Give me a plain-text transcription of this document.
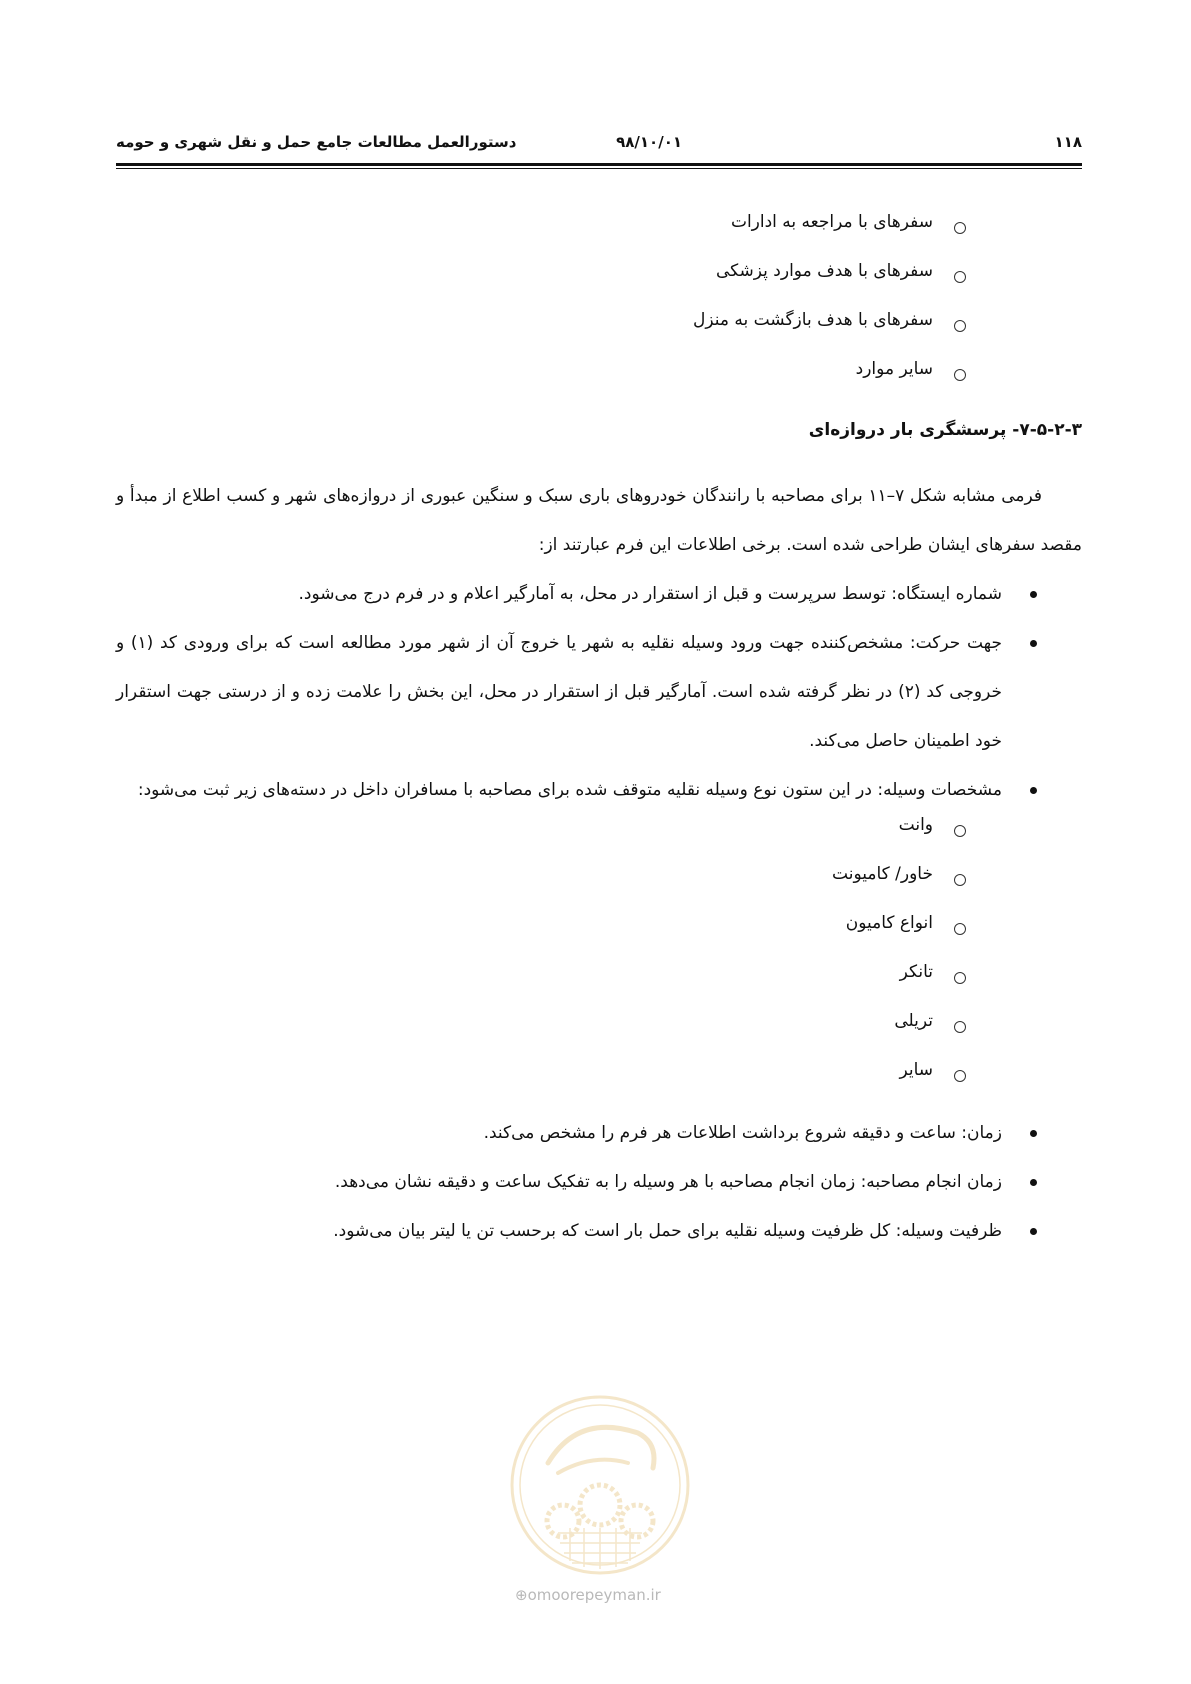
۱۱۸
۹۸/۱۰/۰۱
دستورالعمل مطالعات جامع حمل و نقل شهری و حومه
سفرهای با مراجعه به ادارات
سفرهای با هدف موارد پزشکی
سفرهای با هدف بازگشت به منزل
سایر موارد
۷-۵-۲-۳- پرسشگری بار دروازه‌ای
فرمی مشابه شکل ۷–۱۱ برای مصاحبه با رانندگان خودروهای باری سبک و سنگین عبوری از دروازه‌های شهر و کسب اطلاع از مبدأ و مقصد سفرهای ایشان طراحی شده است. برخی اطلاعات این فرم عبارتند از:
شماره ایستگاه: توسط سرپرست و قبل از استقرار در محل، به آمارگیر اعلام و در فرم درج می‌شود.
جهت حرکت: مشخص‌کننده جهت ورود وسیله نقلیه به شهر یا خروج آن از شهر مورد مطالعه است که برای ورودی کد (۱) و خروجی کد (۲) در نظر گرفته شده است. آمارگیر قبل از استقرار در محل، این بخش را علامت زده و از درستی جهت استقرار خود اطمینان حاصل می‌کند.
مشخصات وسیله: در این ستون نوع وسیله نقلیه متوقف شده برای مصاحبه با مسافران داخل در دسته‌های زیر ثبت می‌شود:
وانت
خاور/ کامیونت
انواع کامیون
تانکر
تریلی
سایر
زمان: ساعت و دقیقه شروع برداشت اطلاعات هر فرم را مشخص می‌کند.
زمان انجام مصاحبه: زمان انجام مصاحبه با هر وسیله را به تفکیک ساعت و دقیقه نشان می‌دهد.
ظرفیت وسیله: کل ظرفیت وسیله نقلیه برای حمل بار است که برحسب تن یا لیتر بیان می‌شود.
⊕omoorepeyman.ir
